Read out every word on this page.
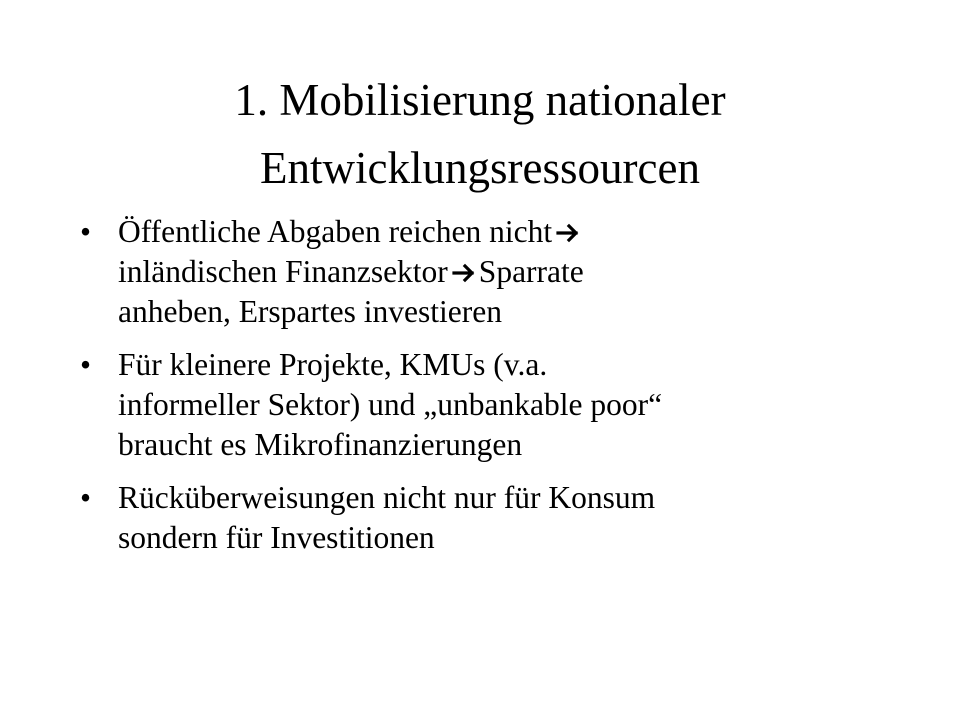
1. Mobilisierung nationaler
Entwicklungsressourcen
• Öffentliche Abgaben reichen nicht
inländischen Finanzsektor Sparrate
anheben, Erspartes investieren
• Für kleinere Projekte, KMUs (v.a.
informeller Sektor) und „unbankable poor“
braucht es Mikrofinanzierungen
• Rücküberweisungen nicht nur für Konsum
sondern für Investitionen
